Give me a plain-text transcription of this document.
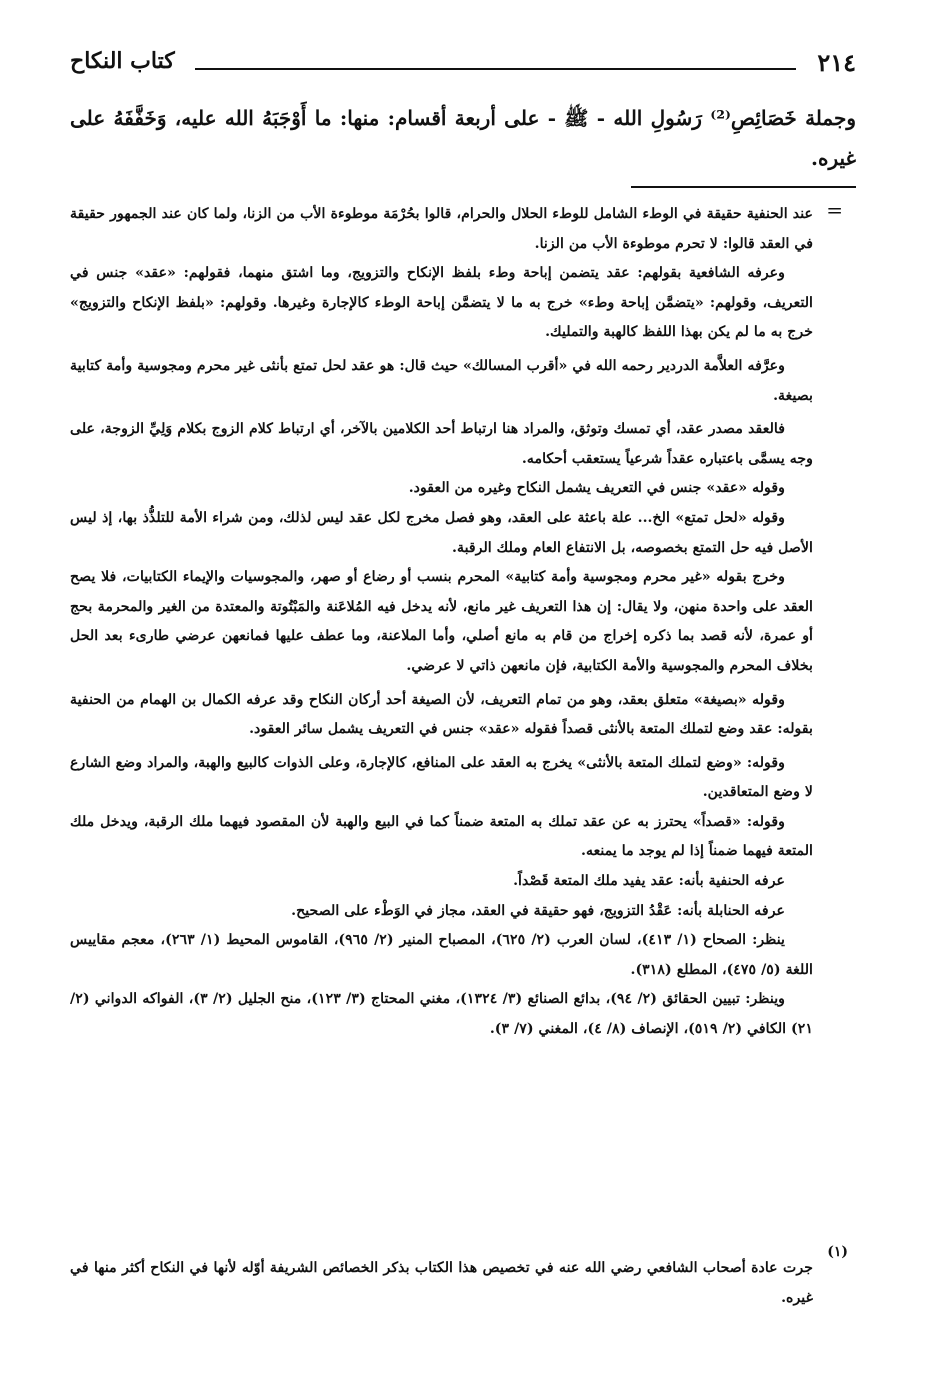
٢١٤
كتاب النكاح

وجملة خَصَائِصِ⁽²⁾ رَسُولِ الله - ﷺ - على أربعة أقسام: منها: ما أَوْجَبَهُ الله عليه، وَخَفَّفَهُ على غيره.

=

عند الحنفية حقيقة في الوطء الشامل للوطء الحلال والحرام، قالوا بحُرْمَة موطوءة الأب من الزنا، ولما كان عند الجمهور حقيقة في العقد قالوا: لا تحرم موطوءة الأب من الزنا.

وعرفه الشافعية بقولهم: عقد يتضمن إباحة وطء بلفظ الإنكاح والتزويج، وما اشتق منهما، فقولهم: «عقد» جنس في التعريف، وقولهم: «يتضمَّن إباحة وطء» خرج به ما لا يتضمَّن إباحة الوطء كالإجارة وغيرها. وقولهم: «بلفظ الإنكاح والتزويج» خرج به ما لم يكن بهذا اللفظ كالهبة والتمليك.

وعرَّفه العلاَّمة الدردير رحمه الله في «أقرب المسالك» حيث قال: هو عقد لحل تمتع بأنثى غير محرم ومجوسية وأمة كتابية بصيغة.

فالعقد مصدر عقد، أي تمسك وتوثق، والمراد هنا ارتباط أحد الكلامين بالآخر، أي ارتباط كلام الزوج بكلام وَلِيِّ الزوجة، على وجه يسمَّى باعتباره عقداً شرعياً يستعقب أحكامه.

وقوله «عقد» جنس في التعريف يشمل النكاح وغيره من العقود.

وقوله «لحل تمتع» الخ... علة باعثة على العقد، وهو فصل مخرج لكل عقد ليس لذلك، ومن شراء الأمة للتلذُّذ بها، إذ ليس الأصل فيه حل التمتع بخصوصه، بل الانتفاع العام وملك الرقبة.

وخرج بقوله «غير محرم ومجوسية وأمة كتابية» المحرم بنسب أو رضاع أو صهر، والمجوسيات والإيماء الكتابيات، فلا يصح العقد على واحدة منهن، ولا يقال: إن هذا التعريف غير مانع، لأنه يدخل فيه المُلاعَنة والمَبْتُوتة والمعتدة من الغير والمحرمة بحج أو عمرة، لأنه قصد بما ذكره إخراج من قام به مانع أصلي، وأما الملاعنة، وما عطف عليها فمانعهن عرضي طارىء بعد الحل بخلاف المحرم والمجوسية والأمة الكتابية، فإن مانعهن ذاتي لا عرضي.

وقوله «بصيغة» متعلق بعقد، وهو من تمام التعريف، لأن الصيغة أحد أركان النكاح وقد عرفه الكمال بن الهمام من الحنفية بقوله: عقد وضع لتملك المتعة بالأنثى قصداً فقوله «عقد» جنس في التعريف يشمل سائر العقود.

وقوله: «وضع لتملك المتعة بالأنثى» يخرج به العقد على المنافع، كالإجارة، وعلى الذوات كالبيع والهبة، والمراد وضع الشارع لا وضع المتعاقدين.

وقوله: «قصداً» يحترز به عن عقد تملك به المتعة ضمناً كما في البيع والهبة لأن المقصود فيهما ملك الرقبة، ويدخل ملك المتعة فيهما ضمناً إذا لم يوجد ما يمنعه.

عرفه الحنفية بأنه: عقد يفيد ملك المتعة قَصْداً.

عرفه الحنابلة بأنه: عَقْدُ التزويج، فهو حقيقة في العقد، مجاز في الوَطْء على الصحيح.

ينظر: الصحاح (١/ ٤١٣)، لسان العرب (٢/ ٦٢٥)، المصباح المنير (٢/ ٩٦٥)، القاموس المحيط (١/ ٢٦٣)، معجم مقاييس اللغة (٥/ ٤٧٥)، المطلع (٣١٨).

وينظر: تبيين الحقائق (٢/ ٩٤)، بدائع الصنائع (٣/ ١٣٢٤)، مغني المحتاج (٣/ ١٢٣)، منح الجليل (٢/ ٣)، الفواكه الدواني (٢/ ٢١) الكافي (٢/ ٥١٩)، الإنصاف (٨/ ٤)، المغني (٧/ ٣).

(١)

جرت عادة أصحاب الشافعي رضي الله عنه في تخصيص هذا الكتاب بذكر الخصائص الشريفة أوّله لأنها في النكاح أكثر منها في غيره.
